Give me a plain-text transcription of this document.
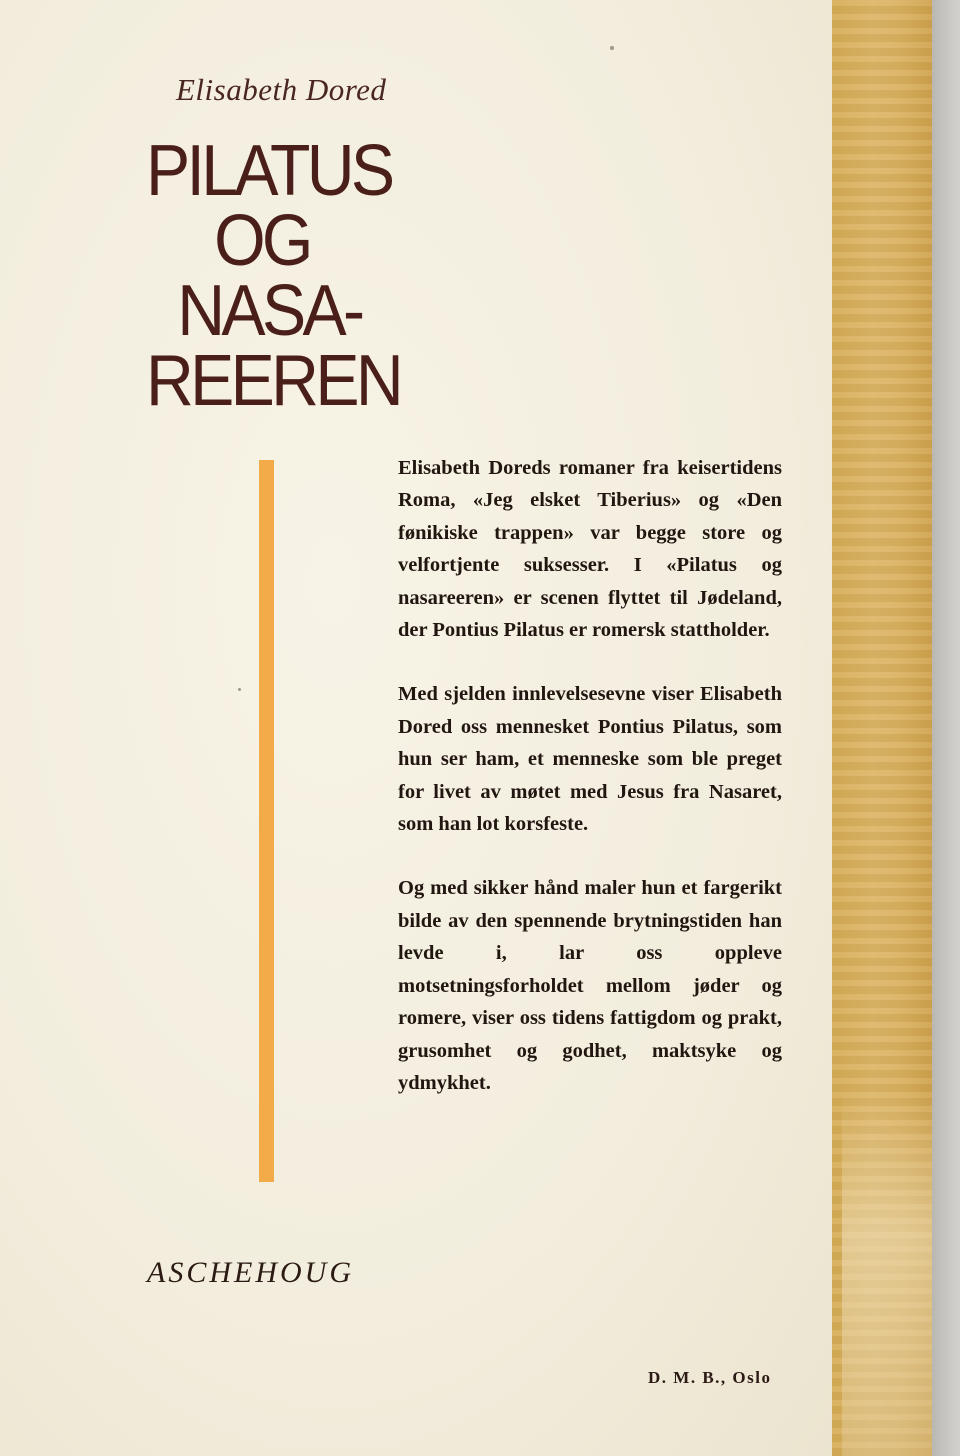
Elisabeth Dored
PILATUS
OG
NASA-
REEREN

Elisabeth Doreds romaner fra keisertidens Roma, «Jeg elsket Tiberius» og «Den fønikiske trappen» var begge store og velfortjente suksesser. I «Pilatus og nasareeren» er scenen flyttet til Jødeland, der Pontius Pilatus er romersk stattholder.

Med sjelden innlevelsesevne viser Elisabeth Dored oss mennesket Pontius Pilatus, som hun ser ham, et menneske som ble preget for livet av møtet med Jesus fra Nasaret, som han lot korsfeste.

Og med sikker hånd maler hun et fargerikt bilde av den spennende brytningstiden han levde i, lar oss oppleve motsetningsforholdet mellom jøder og romere, viser oss tidens fattigdom og prakt, grusomhet og godhet, maktsyke og ydmykhet.

ASCHEHOUG
D. M. B., Oslo
